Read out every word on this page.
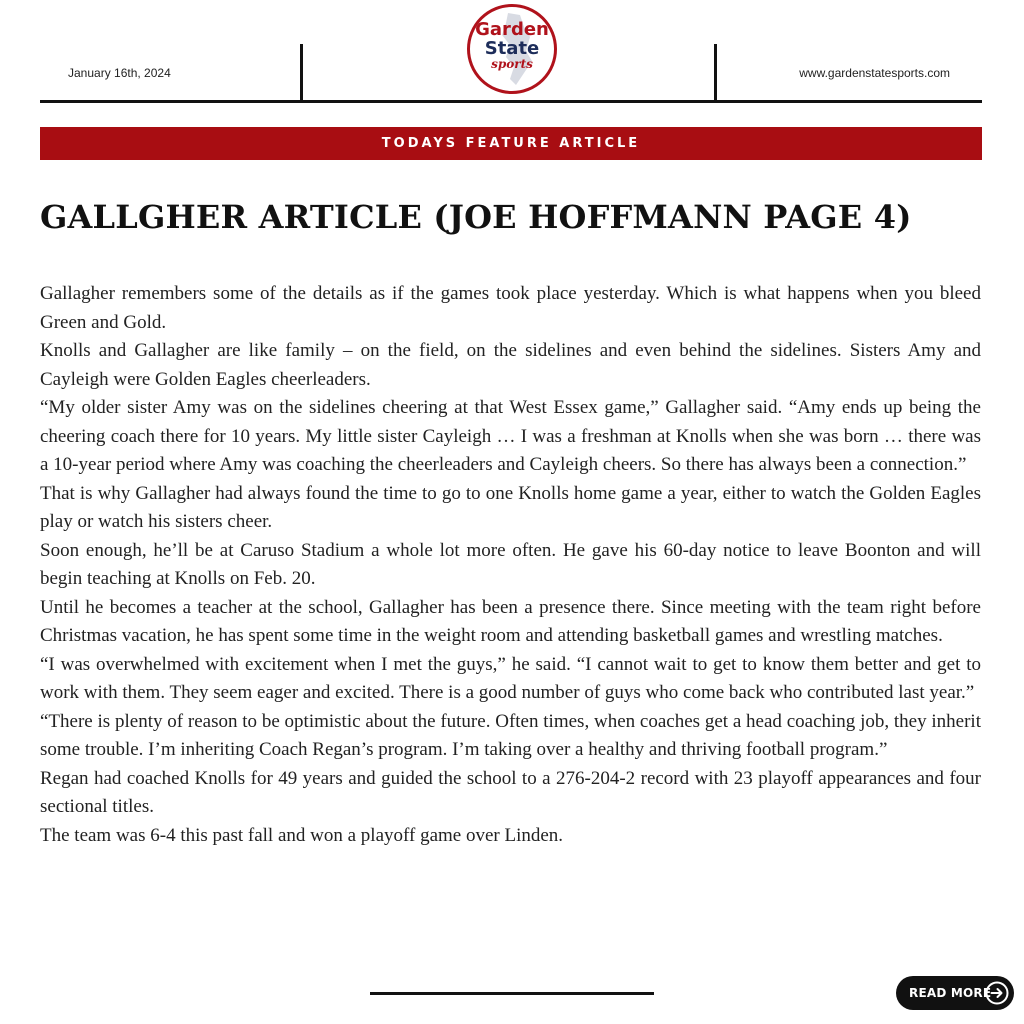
January 16th, 2024
Garden
State
sports
www.gardenstatesports.com
TODAYS FEATURE ARTICLE
GALLGHER ARTICLE (JOE HOFFMANN PAGE 4)

Gallagher remembers some of the details as if the games took place yesterday. Which is what happens when you bleed Green and Gold.

Knolls and Gallagher are like family – on the field, on the sidelines and even behind the sidelines. Sisters Amy and Cayleigh were Golden Eagles cheerleaders.

“My older sister Amy was on the sidelines cheering at that West Essex game,” Gallagher said. “Amy ends up being the cheering coach there for 10 years. My little sister Cayleigh … I was a freshman at Knolls when she was born … there was a 10-year period where Amy was coaching the cheerleaders and Cayleigh cheers. So there has always been a connection.”

That is why Gallagher had always found the time to go to one Knolls home game a year, either to watch the Golden Eagles play or watch his sisters cheer.

Soon enough, he’ll be at Caruso Stadium a whole lot more often. He gave his 60-day notice to leave Boonton and will begin teaching at Knolls on Feb. 20.

Until he becomes a teacher at the school, Gallagher has been a presence there. Since meeting with the team right before Christmas vacation, he has spent some time in the weight room and attending basketball games and wrestling matches.

“I was overwhelmed with excitement when I met the guys,” he said. “I cannot wait to get to know them better and get to work with them. They seem eager and excited. There is a good number of guys who come back who contributed last year.”

“There is plenty of reason to be optimistic about the future. Often times, when coaches get a head coaching job, they inherit some trouble. I’m inheriting Coach Regan’s program. I’m taking over a healthy and thriving football program.”

Regan had coached Knolls for 49 years and guided the school to a 276-204-2 record with 23 playoff appearances and four sectional titles.

The team was 6-4 this past fall and won a playoff game over Linden.

READ MORE
